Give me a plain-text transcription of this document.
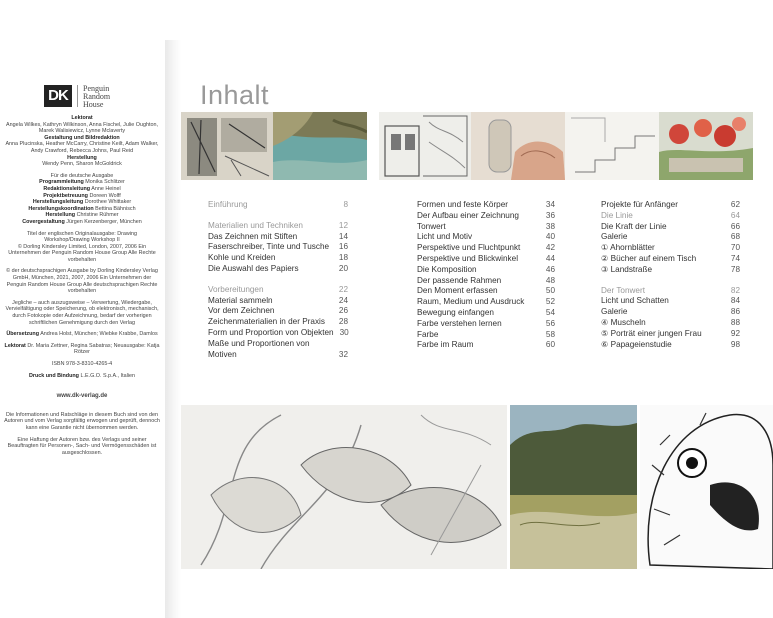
DK	Penguin
Random
House
Lektorat
Angela Wilkes, Kathryn Wilkinson, Anna Fischel, Julie Oughton, Marek Walisiewicz, Lynne Mclaverty
Gestaltung und Bildredaktion
Anna Plucinska, Heather McCarry, Christine Keilt, Adam Walker, Andy Crawford, Rebecca Johns, Paul Reid
Herstellung
Wendy Penn, Sharon McGoldrick
Für die deutsche Ausgabe
Programmleitung Monika Schlitzer
Redaktionsleitung Anne Heinel
Projektbetreuung Doreen Wolff
Herstellungsleitung Dorothee Whittaker
Herstellungskoordination Bettina Bähnisch
Herstellung Christine Rühmer
Covergestaltung Jürgen Kerzenberger, München
Titel der englischen Originalausgabe: Drawing Workshop/Drawing Workshop II
© Dorling Kindersley Limited, London, 2007, 2006 Ein Unternehmen der Penguin Random House Group Alle Rechte vorbehalten
© der deutschsprachigen Ausgabe by Dorling Kindersley Verlag GmbH, München, 2021, 2007, 2006 Ein Unternehmen der Penguin Random House Group Alle deutschsprachigen Rechte vorbehalten
Jegliche – auch auszugsweise – Verwertung, Wiedergabe, Vervielfältigung oder Speicherung, ob elektronisch, mechanisch, durch Fotokopie oder Aufzeichnung, bedarf der vorherigen schriftlichen Genehmigung durch den Verlag
Übersetzung Andrea Holst, München; Wiebke Krabbe, Damlos
Lektorat Dr. Maria Zettner, Regina Sabatras; Neuausgabe: Katja Rötzer
ISBN 978-3-8310-4265-4
Druck und Bindung L.E.G.O. S.p.A., Italien
www.dk-verlag.de
Die Informationen und Ratschläge in diesem Buch sind von den Autoren und vom Verlag sorgfältig erwogen und geprüft, dennoch kann eine Garantie nicht übernommen werden.
Eine Haftung der Autoren bzw. des Verlags und seiner Beauftragten für Personen-, Sach- und Vermögensschäden ist ausgeschlossen.
Inhalt
Einführung	8
Materialien und Techniken	12
Das Zeichnen mit Stiften	14
Faserschreiber, Tinte und Tusche 16
Kohle und Kreiden	18
Die Auswahl des Papiers	20
Vorbereitungen	22
Material sammeln	24
Vor dem Zeichnen	26
Zeichenmaterialien in der Praxis 28
Form und Proportion von Objekten 30
Maße und Proportionen von
Motiven	32
Formen und feste Körper	34
Der Aufbau einer Zeichnung	36
Tonwert	38
Licht und Motiv	40
Perspektive und Fluchtpunkt	42
Perspektive und Blickwinkel	44
Die Komposition	46
Der passende Rahmen	48
Den Moment erfassen	50
Raum, Medium und Ausdruck	52
Bewegung einfangen	54
Farbe verstehen lernen	56
Farbe	58
Farbe im Raum	60
Projekte für Anfänger	62
Die Linie	64
Die Kraft der Linie	66
Galerie	68
① Ahornblätter	70
② Bücher auf einem Tisch	74
③ Landstraße	78
Der Tonwert	82
Licht und Schatten	84
Galerie	86
④ Muscheln	88
⑤ Porträt einer jungen Frau	92
⑥ Papageienstudie	98
